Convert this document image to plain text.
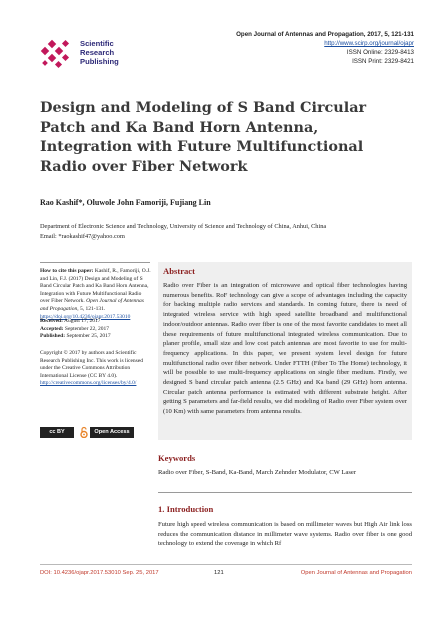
Scientific
Research
Publishing
Open Journal of Antennas and Propagation, 2017, 5, 121-131
http://www.scirp.org/journal/ojapr
ISSN Online: 2329-8413
ISSN Print: 2329-8421
Design and Modeling of S Band Circular Patch and Ka Band Horn Antenna, Integration with Future Multifunctional Radio over Fiber Network
Rao Kashif*, Oluwole John Famoriji, Fujiang Lin
Department of Electronic Science and Technology, University of Science and Technology of China, Anhui, China
Email: *raokashif47@yahoo.com
How to cite this paper: Kashif, R., Famoriji, O.J. and Lin, F.J. (2017) Design and Modeling of S Band Circular Patch and Ka Band Horn Antenna, Integration with Future Multifunctional Radio over Fiber Network. Open Journal of Antennas and Propagation, 5, 121-131.
https://doi.org/10.4236/ojapr.2017.53010
Received: August 17, 2017
Accepted: September 22, 2017
Published: September 25, 2017
Copyright © 2017 by authors and Scientific Research Publishing Inc. This work is licensed under the Creative Commons Attribution International License (CC BY 4.0).
http://creativecommons.org/licenses/by/4.0/
cc BY	Open Access
Abstract
Radio over Fiber is an integration of microwave and optical fiber technologies having numerous benefits. RoF technology can give a scope of advantages including the capacity for backing multiple radio services and standards. In coming future, there is need of integrated wireless service with high speed satellite broadband and multifunctional indoor/outdoor antennas. Radio over fiber is one of the most favorite candidates to meet all these requirements of future multifunctional integrated wireless communication. Due to planer profile, small size and low cost patch antennas are most favorite to use for multi-frequency applications. In this paper, we present system level design for future multifunctional radio over fiber network. Under FTTH (Fiber To The Home) technology, it will be possible to use multi-frequency applications on single fiber medium. Firstly, we designed S band circular patch antenna (2.5 GHz) and Ka band (29 GHz) horn antenna. Circular patch antenna performance is estimated with different substrate height. After getting S parameters and far-field results, we did modeling of Radio over Fiber system over (10 Km) with same parameters from antenna results.
Keywords
Radio over Fiber, S-Band, Ka-Band, March Zehnder Modulator, CW Laser
1. Introduction
Future high speed wireless communication is based on millimeter waves but High Air link loss reduces the communication distance in millimeter wave systems. Radio over fiber is one good technology to extend the coverage in which Rf
DOI: 10.4236/ojapr.2017.53010 Sep. 25, 2017	121	Open Journal of Antennas and Propagation
